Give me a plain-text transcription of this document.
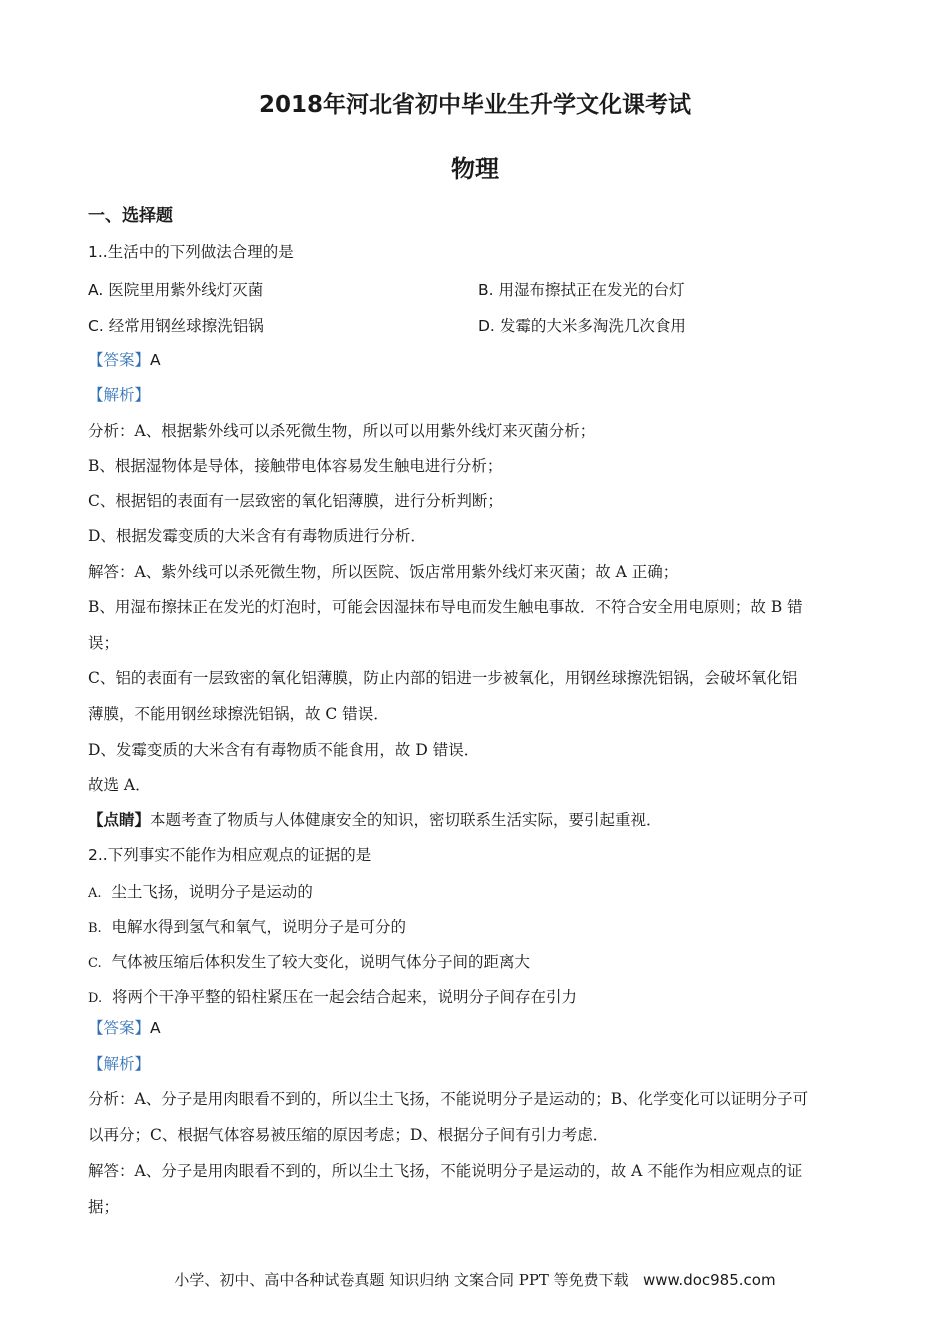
2018年河北省初中毕业生升学文化课考试
物理
一、选择题
1..生活中的下列做法合理的是
A. 医院里用紫外线灯灭菌	B. 用湿布擦拭正在发光的台灯
C. 经常用钢丝球擦洗铝锅	D. 发霉的大米多淘洗几次食用
【答案】A
【解析】
分析：A、根据紫外线可以杀死微生物，所以可以用紫外线灯来灭菌分析；
B、根据湿物体是导体，接触带电体容易发生触电进行分析；
C、根据铝的表面有一层致密的氧化铝薄膜，进行分析判断；
D、根据发霉变质的大米含有有毒物质进行分析．
解答：A、紫外线可以杀死微生物，所以医院、饭店常用紫外线灯来灭菌；故 A 正确；
B、用湿布擦抹正在发光的灯泡时，可能会因湿抹布导电而发生触电事故．不符合安全用电原则；故 B 错
误；
C、铝的表面有一层致密的氧化铝薄膜，防止内部的铝进一步被氧化，用钢丝球擦洗铝锅，会破坏氧化铝
薄膜，不能用钢丝球擦洗铝锅，故 C 错误．
D、发霉变质的大米含有有毒物质不能食用，故 D 错误．
故选 A．
【点睛】本题考查了物质与人体健康安全的知识，密切联系生活实际，要引起重视．
2..下列事实不能作为相应观点的证据的是
A. 尘土飞扬，说明分子是运动的
B. 电解水得到氢气和氧气，说明分子是可分的
C. 气体被压缩后体积发生了较大变化，说明气体分子间的距离大
D. 将两个干净平整的铅柱紧压在一起会结合起来，说明分子间存在引力
【答案】A
【解析】
分析：A、分子是用肉眼看不到的，所以尘土飞扬，不能说明分子是运动的；B、化学变化可以证明分子可
以再分；C、根据气体容易被压缩的原因考虑；D、根据分子间有引力考虑．
解答：A、分子是用肉眼看不到的，所以尘土飞扬，不能说明分子是运动的，故 A 不能作为相应观点的证
据；
小学、初中、高中各种试卷真题 知识归纳 文案合同 PPT 等免费下载 www.doc985.com
